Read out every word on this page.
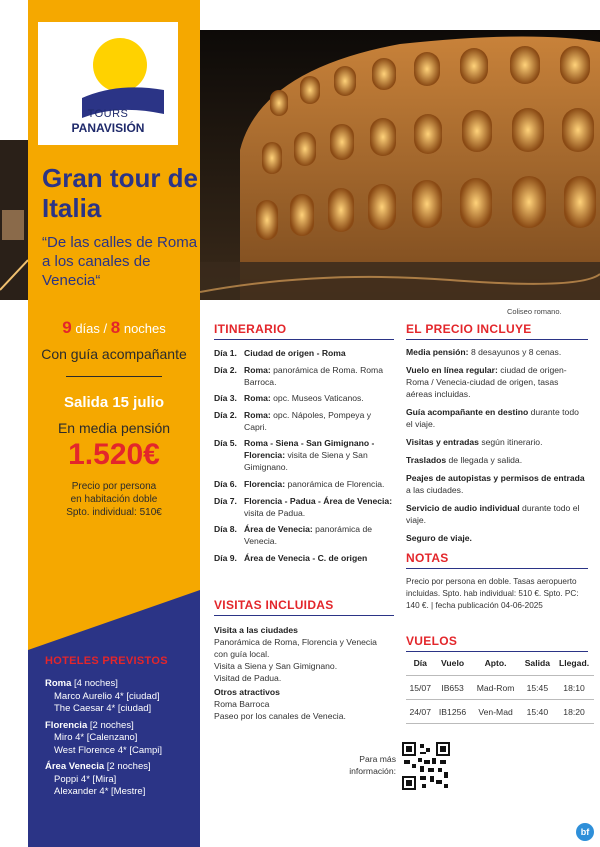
TOURS
PANAVISIÓN
Gran tour de Italia
“De las calles de Roma a los canales de Venecia“
9 días / 8 noches
Con guía acompañante
Salida 15 julio
En media pensión
1.520€
Precio por persona
en habitación doble
Spto. individual: 510€
HOTELES PREVISTOS
Roma [4 noches]
Marco Aurelio 4* [ciudad]
The Caesar 4* [ciudad]
Florencia [2 noches]
Miro 4* [Calenzano]
West Florence 4* [Campi]
Área Venecia [2 noches]
Poppi 4* [Mira]
Alexander 4* [Mestre]
Coliseo romano.
ITINERARIO
Día 1. Ciudad de origen - Roma
Día 2. Roma: panorámica de Roma. Roma Barroca.
Día 3. Roma: opc. Museos Vaticanos.
Día 2. Roma: opc. Nápoles, Pompeya y Capri.
Día 5. Roma - Siena - San Gimignano - Florencia: visita de Siena y San Gimignano.
Día 6. Florencia: panorámica de Florencia.
Día 7. Florencia - Padua - Área de Venecia: visita de Padua.
Día 8. Área de Venecia: panorámica de Venecia.
Día 9. Área de Venecia - C. de origen
VISITAS INCLUIDAS
Visita a las ciudades
Panorámica de Roma, Florencia y Venecia con guía local.
Visita a Siena y San Gimignano.
Visitad de Padua.
Otros atractivos
Roma Barroca
Paseo por los canales de Venecia.
EL PRECIO INCLUYE

Media pensión: 8 desayunos y 8 cenas.

Vuelo en línea regular: ciudad de origen-Roma / Venecia-ciudad de origen, tasas aéreas incluidas.

Guía acompañante en destino durante todo el viaje.

Visitas y entradas según itinerario.

Traslados de llegada y salida.

Peajes de autopistas y permisos de entrada a las ciudades.

Servicio de audio individual durante todo el viaje.

Seguro de viaje.

NOTAS
Precio por persona en doble. Tasas aeropuerto incluidas. Spto. hab individual: 510 €. Spto. PC: 140 €. | fecha publicación 04-06-2025
VUELOS
Día	Vuelo	Apto.	Salida	Llegad.
15/07	IB653	Mad-Rom	15:45	18:10
24/07	IB1256	Ven-Mad	15:40	18:20
Para más información:
bf
